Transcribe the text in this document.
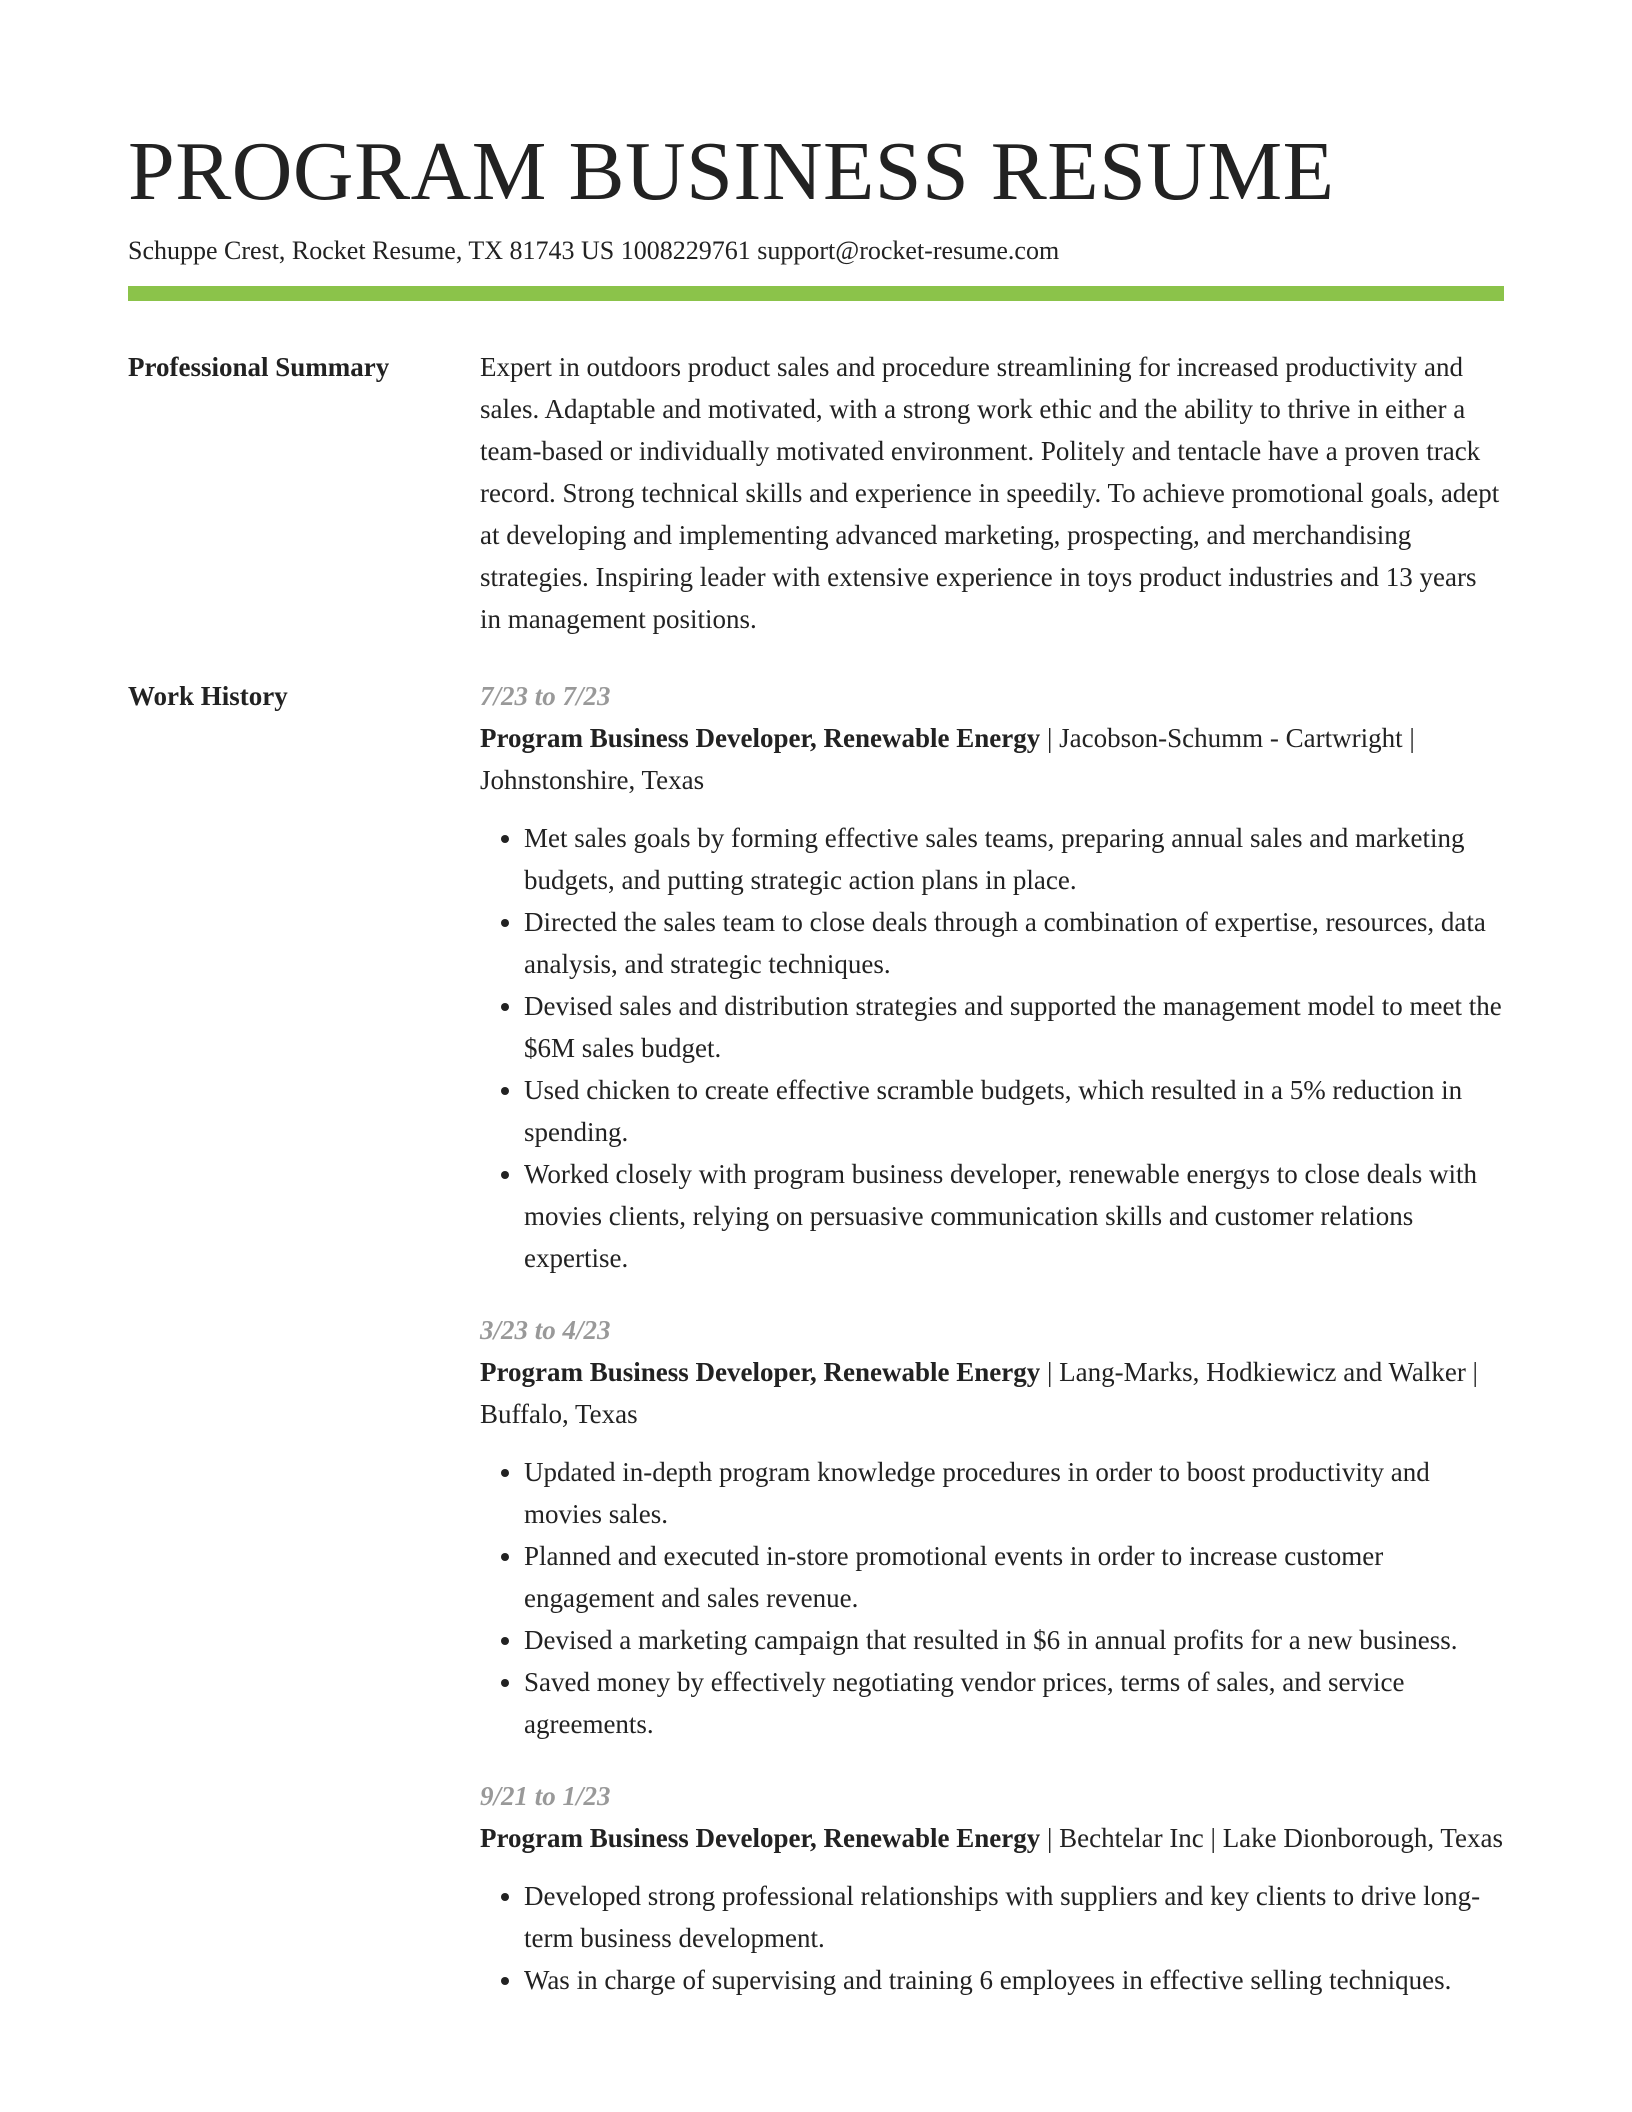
PROGRAM BUSINESS RESUME
Schuppe Crest, Rocket Resume, TX 81743 US 1008229761 support@rocket-resume.com
Professional Summary	Expert in outdoors product sales and procedure streamlining for increased productivity and sales. Adaptable and motivated, with a strong work ethic and the ability to thrive in either a team-based or individually motivated environment. Politely and tentacle have a proven track record. Strong technical skills and experience in speedily. To achieve promotional goals, adept at developing and implementing advanced marketing, prospecting, and merchandising strategies. Inspiring leader with extensive experience in toys product industries and 13 years in management positions.

Work History	7/23 to 7/23
Program Business Developer, Renewable Energy | Jacobson-Schumm - Cartwright | Johnstonshire, Texas
• Met sales goals by forming effective sales teams, preparing annual sales and marketing budgets, and putting strategic action plans in place.
• Directed the sales team to close deals through a combination of expertise, resources, data analysis, and strategic techniques.
• Devised sales and distribution strategies and supported the management model to meet the $6M sales budget.
• Used chicken to create effective scramble budgets, which resulted in a 5% reduction in spending.
• Worked closely with program business developer, renewable energys to close deals with movies clients, relying on persuasive communication skills and customer relations expertise.
3/23 to 4/23
Program Business Developer, Renewable Energy | Lang-Marks, Hodkiewicz and Walker | Buffalo, Texas
• Updated in-depth program knowledge procedures in order to boost productivity and movies sales.
• Planned and executed in-store promotional events in order to increase customer engagement and sales revenue.
• Devised a marketing campaign that resulted in $6 in annual profits for a new business.
• Saved money by effectively negotiating vendor prices, terms of sales, and service agreements.
9/21 to 1/23
Program Business Developer, Renewable Energy | Bechtelar Inc | Lake Dionborough, Texas
• Developed strong professional relationships with suppliers and key clients to drive long-term business development.
• Was in charge of supervising and training 6 employees in effective selling techniques.
